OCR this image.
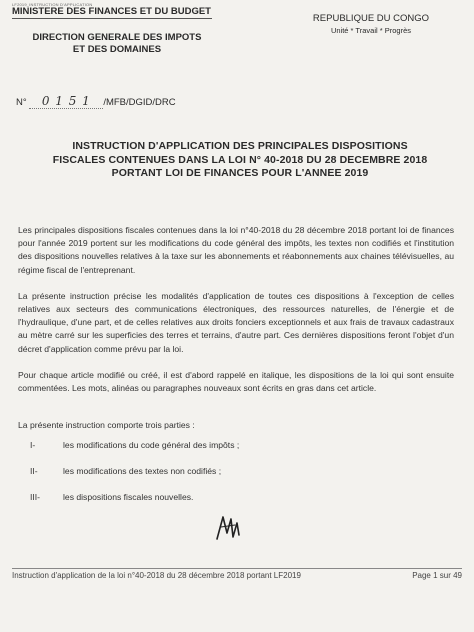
LF2019_INSTRUCTION D'APPLICATION
MINISTERE DES FINANCES ET DU BUDGET
DIRECTION GENERALE DES IMPOTS
ET DES DOMAINES
REPUBLIQUE DU CONGO
Unité * Travail * Progrès
N° 0 1 5 1 /MFB/DGID/DRC
INSTRUCTION D'APPLICATION DES PRINCIPALES DISPOSITIONS
FISCALES CONTENUES DANS LA LOI N° 40-2018 DU 28 DECEMBRE 2018
PORTANT LOI DE FINANCES POUR L'ANNEE 2019

Les principales dispositions fiscales contenues dans la loi n°40-2018 du 28 décembre 2018 portant loi de finances pour l'année 2019 portent sur les modifications du code général des impôts, les textes non codifiés et l'institution des dispositions nouvelles relatives à la taxe sur les abonnements et réabonnements aux chaines télévisuelles, au régime fiscal de l'entreprenant.

La présente instruction précise les modalités d'application de toutes ces dispositions à l'exception de celles relatives aux secteurs des communications électroniques, des ressources naturelles, de l'énergie et de l'hydraulique, d'une part, et de celles relatives aux droits fonciers exceptionnels et aux frais de travaux cadastraux au mètre carré sur les superficies des terres et terrains, d'autre part. Ces dernières dispositions feront l'objet d'un décret d'application comme prévu par la loi.

Pour chaque article modifié ou créé, il est d'abord rappelé en italique, les dispositions de la loi qui sont ensuite commentées. Les mots, alinéas ou paragraphes nouveaux sont écrits en gras dans cet article.

La présente instruction comporte trois parties :
I-	les modifications du code général des impôts ;
II-	les modifications des textes non codifiés ;
III-	les dispositions fiscales nouvelles.
Instruction d'application de la loi n°40-2018 du 28 décembre 2018 portant LF2019	Page 1 sur 49
